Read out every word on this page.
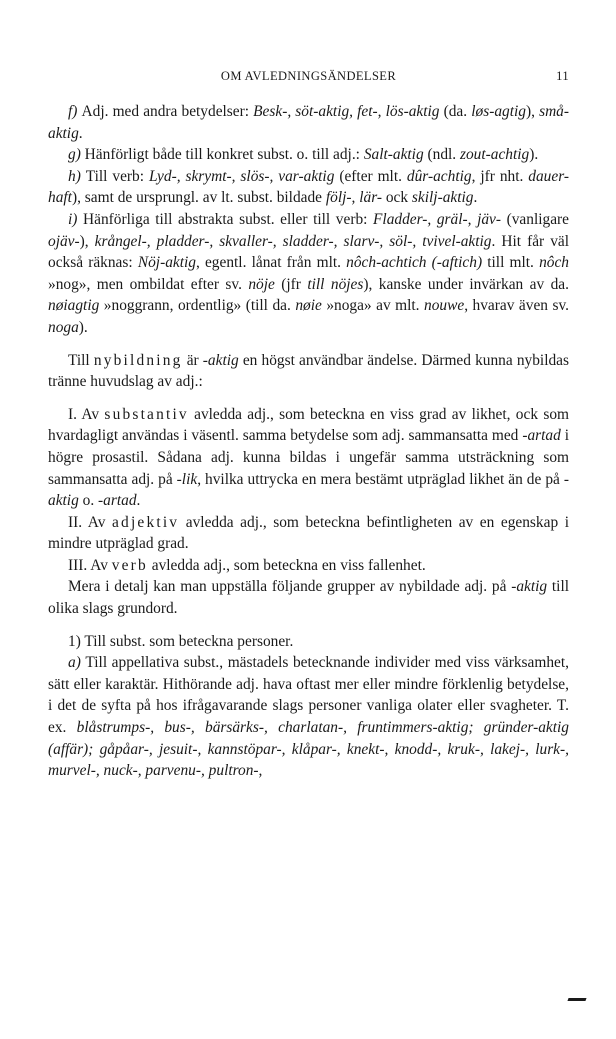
OM AVLEDNINGSÄNDELSER	11

f) Adj. med andra betydelser: Besk-, söt-aktig, fet-, lös-aktig (da. løs-agtig), små-aktig.

g) Hänförligt både till konkret subst. o. till adj.: Salt-aktig (ndl. zout-achtig).

h) Till verb: Lyd-, skrymt-, slös-, var-aktig (efter mlt. dûr-achtig, jfr nht. dauer-haft), samt de ursprungl. av lt. subst. bildade följ-, lär- ock skilj-aktig.

i) Hänförliga till abstrakta subst. eller till verb: Fladder-, gräl-, jäv- (vanligare ojäv-), krångel-, pladder-, skvaller-, sladder-, slarv-, söl-, tvivel-aktig. Hit får väl också räknas: Nöj-aktig, egentl. lånat från mlt. nôch-achtich (-aftich) till mlt. nôch »nog», men ombildat efter sv. nöje (jfr till nöjes), kanske under invärkan av da. nøiagtig »noggrann, ordentlig» (till da. nøie »noga» av mlt. nouwe, hvarav även sv. noga).

Till nybildning är -aktig en högst användbar ändelse. Därmed kunna nybildas tränne huvudslag av adj.:

I. Av substantiv avledda adj., som beteckna en viss grad av likhet, ock som hvardagligt användas i väsentl. samma betydelse som adj. sammansatta med -artad i högre prosastil. Sådana adj. kunna bildas i ungefär samma utsträckning som sammansatta adj. på -lik, hvilka uttrycka en mera bestämt utpräglad likhet än de på -aktig o. -artad.

II. Av adjektiv avledda adj., som beteckna befintligheten av en egenskap i mindre utpräglad grad.

III. Av verb avledda adj., som beteckna en viss fallenhet.

Mera i detalj kan man uppställa följande grupper av nybildade adj. på -aktig till olika slags grundord.

1) Till subst. som beteckna personer.

a) Till appellativa subst., mästadels betecknande individer med viss värksamhet, sätt eller karaktär. Hithörande adj. hava oftast mer eller mindre förklenlig betydelse, i det de syfta på hos ifrågavarande slags personer vanliga olater eller svagheter. T. ex. blåstrumps-, bus-, bärsärks-, charlatan-, fruntimmers-aktig; gründer-aktig (affär); gåpåar-, jesuit-, kannstöpar-, klåpar-, knekt-, knodd-, kruk-, lakej-, lurk-, murvel-, nuck-, parvenu-, pultron-,
